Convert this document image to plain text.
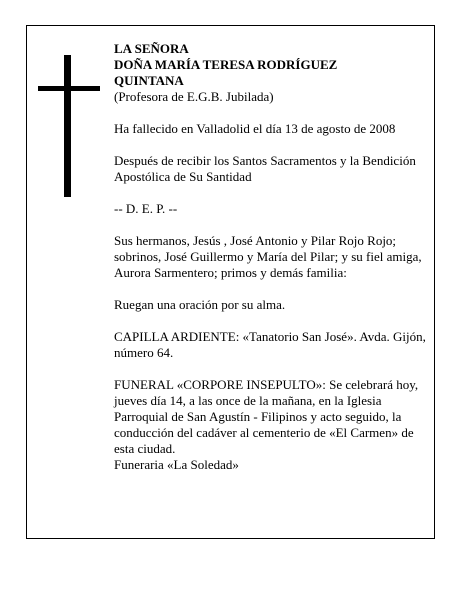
LA SEÑORA

DOÑA MARÍA TERESA RODRÍGUEZ

QUINTANA

(Profesora de E.G.B. Jubilada)

Ha fallecido en Valladolid el día 13 de agosto de 2008

Después de recibir los Santos Sacramentos y la Bendición Apostólica de Su Santidad

-- D. E. P. --

Sus hermanos, Jesús , José Antonio y Pilar Rojo Rojo; sobrinos, José Guillermo y María del Pilar; y su fiel amiga, Aurora Sarmentero; primos y demás familia:

Ruegan una oración por su alma.

CAPILLA ARDIENTE: «Tanatorio San José». Avda. Gijón, número 64.

FUNERAL «CORPORE INSEPULTO»: Se celebrará hoy, jueves día 14, a las once de la mañana, en la Iglesia Parroquial de San Agustín - Filipinos y acto seguido, la conducción del cadáver al cementerio de «El Carmen» de esta ciudad.

Funeraria «La Soledad»
